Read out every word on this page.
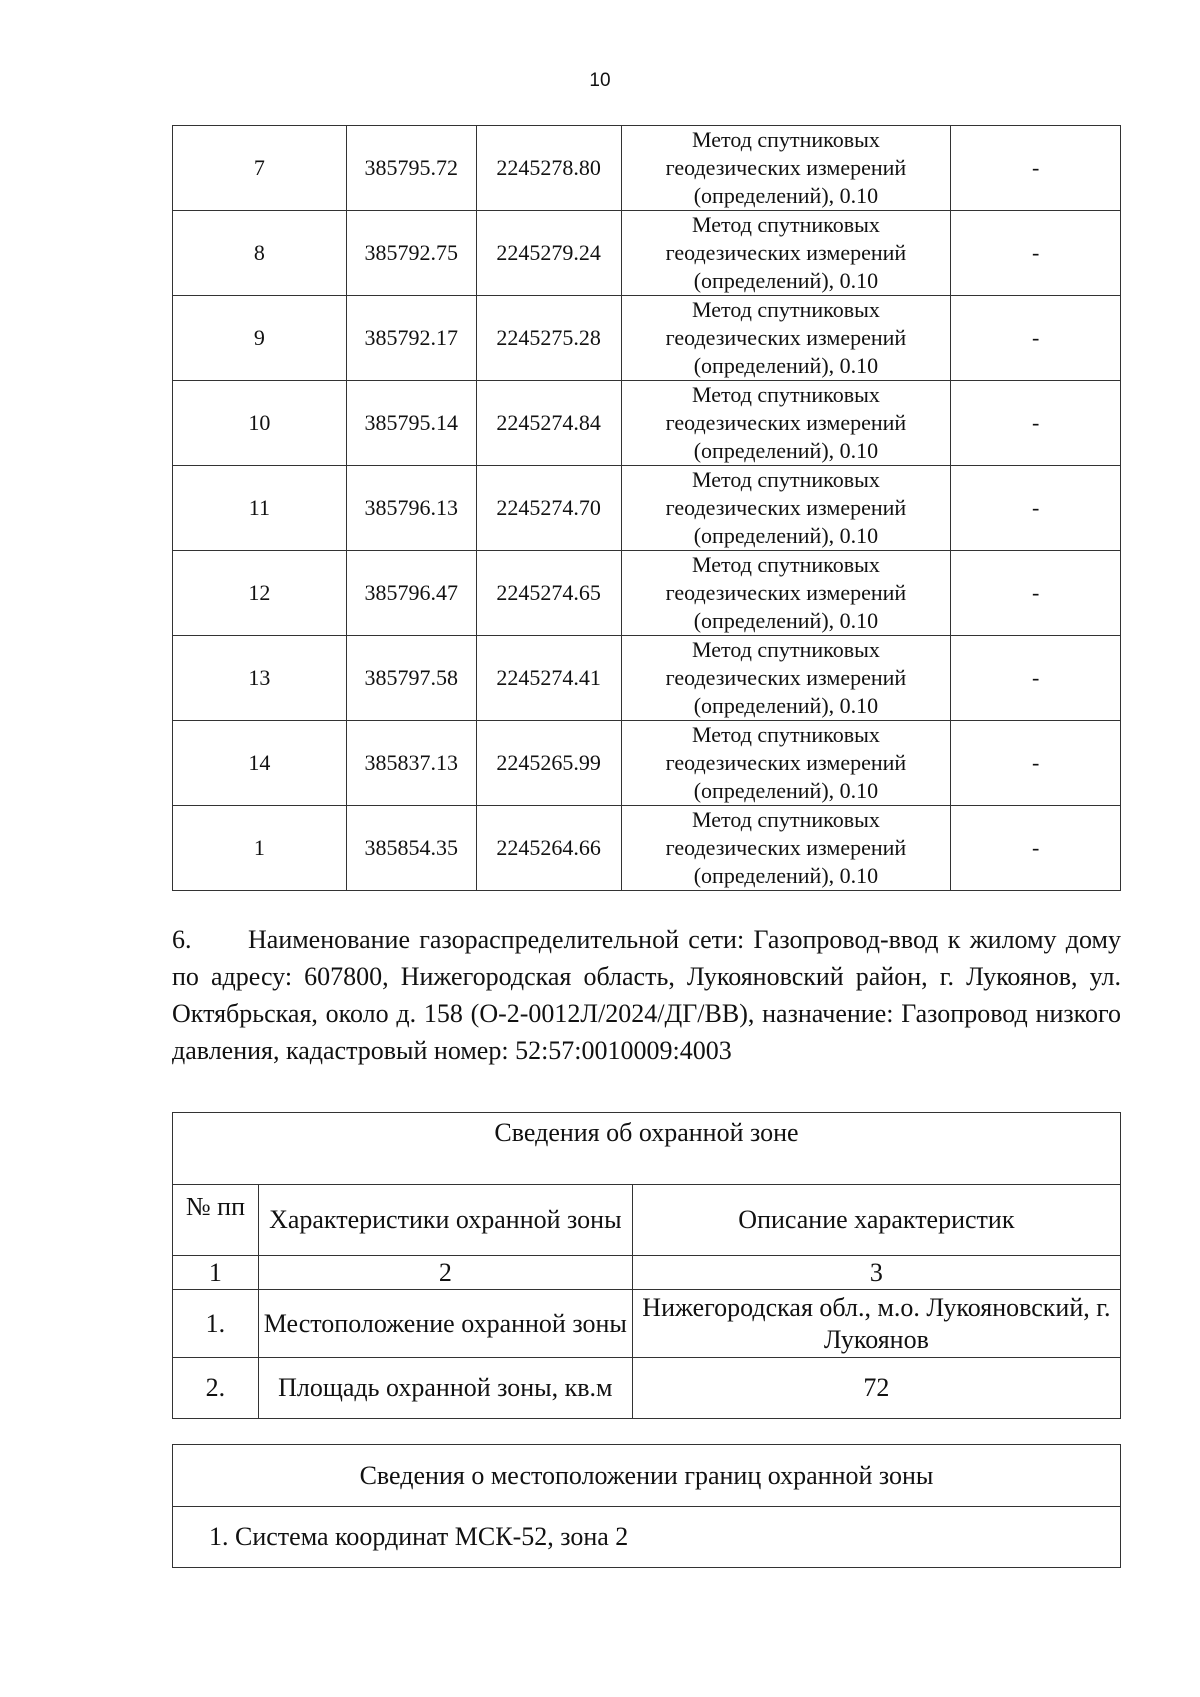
10
7	385795.72	2245278.80	Метод спутниковых
геодезических измерений
(определений), 0.10	-
8	385792.75	2245279.24	Метод спутниковых
геодезических измерений
(определений), 0.10	-
9	385792.17	2245275.28	Метод спутниковых
геодезических измерений
(определений), 0.10	-
10	385795.14	2245274.84	Метод спутниковых
геодезических измерений
(определений), 0.10	-
11	385796.13	2245274.70	Метод спутниковых
геодезических измерений
(определений), 0.10	-
12	385796.47	2245274.65	Метод спутниковых
геодезических измерений
(определений), 0.10	-
13	385797.58	2245274.41	Метод спутниковых
геодезических измерений
(определений), 0.10	-
14	385837.13	2245265.99	Метод спутниковых
геодезических измерений
(определений), 0.10	-
1	385854.35	2245264.66	Метод спутниковых
геодезических измерений
(определений), 0.10	-
6. Наименование газораспределительной сети: Газопровод-ввод к жилому дому по адресу: 607800, Нижегородская область, Лукояновский район, г. Лукоянов, ул. Октябрьская, около д. 158 (О-2-0012Л/2024/ДГ/ВВ), назначение: Газопровод низкого давления, кадастровый номер: 52:57:0010009:4003
Сведения об охранной зоне		
№ пп	Характеристики охранной зоны	Описание характеристик
1	2	3
1.	Местоположение охранной зоны	Нижегородская обл., м.о. Лукояновский, г. Лукоянов
2.	Площадь охранной зоны, кв.м	72
Сведения о местоположении границ охранной зоны
1. Система координат МСК-52, зона 2
